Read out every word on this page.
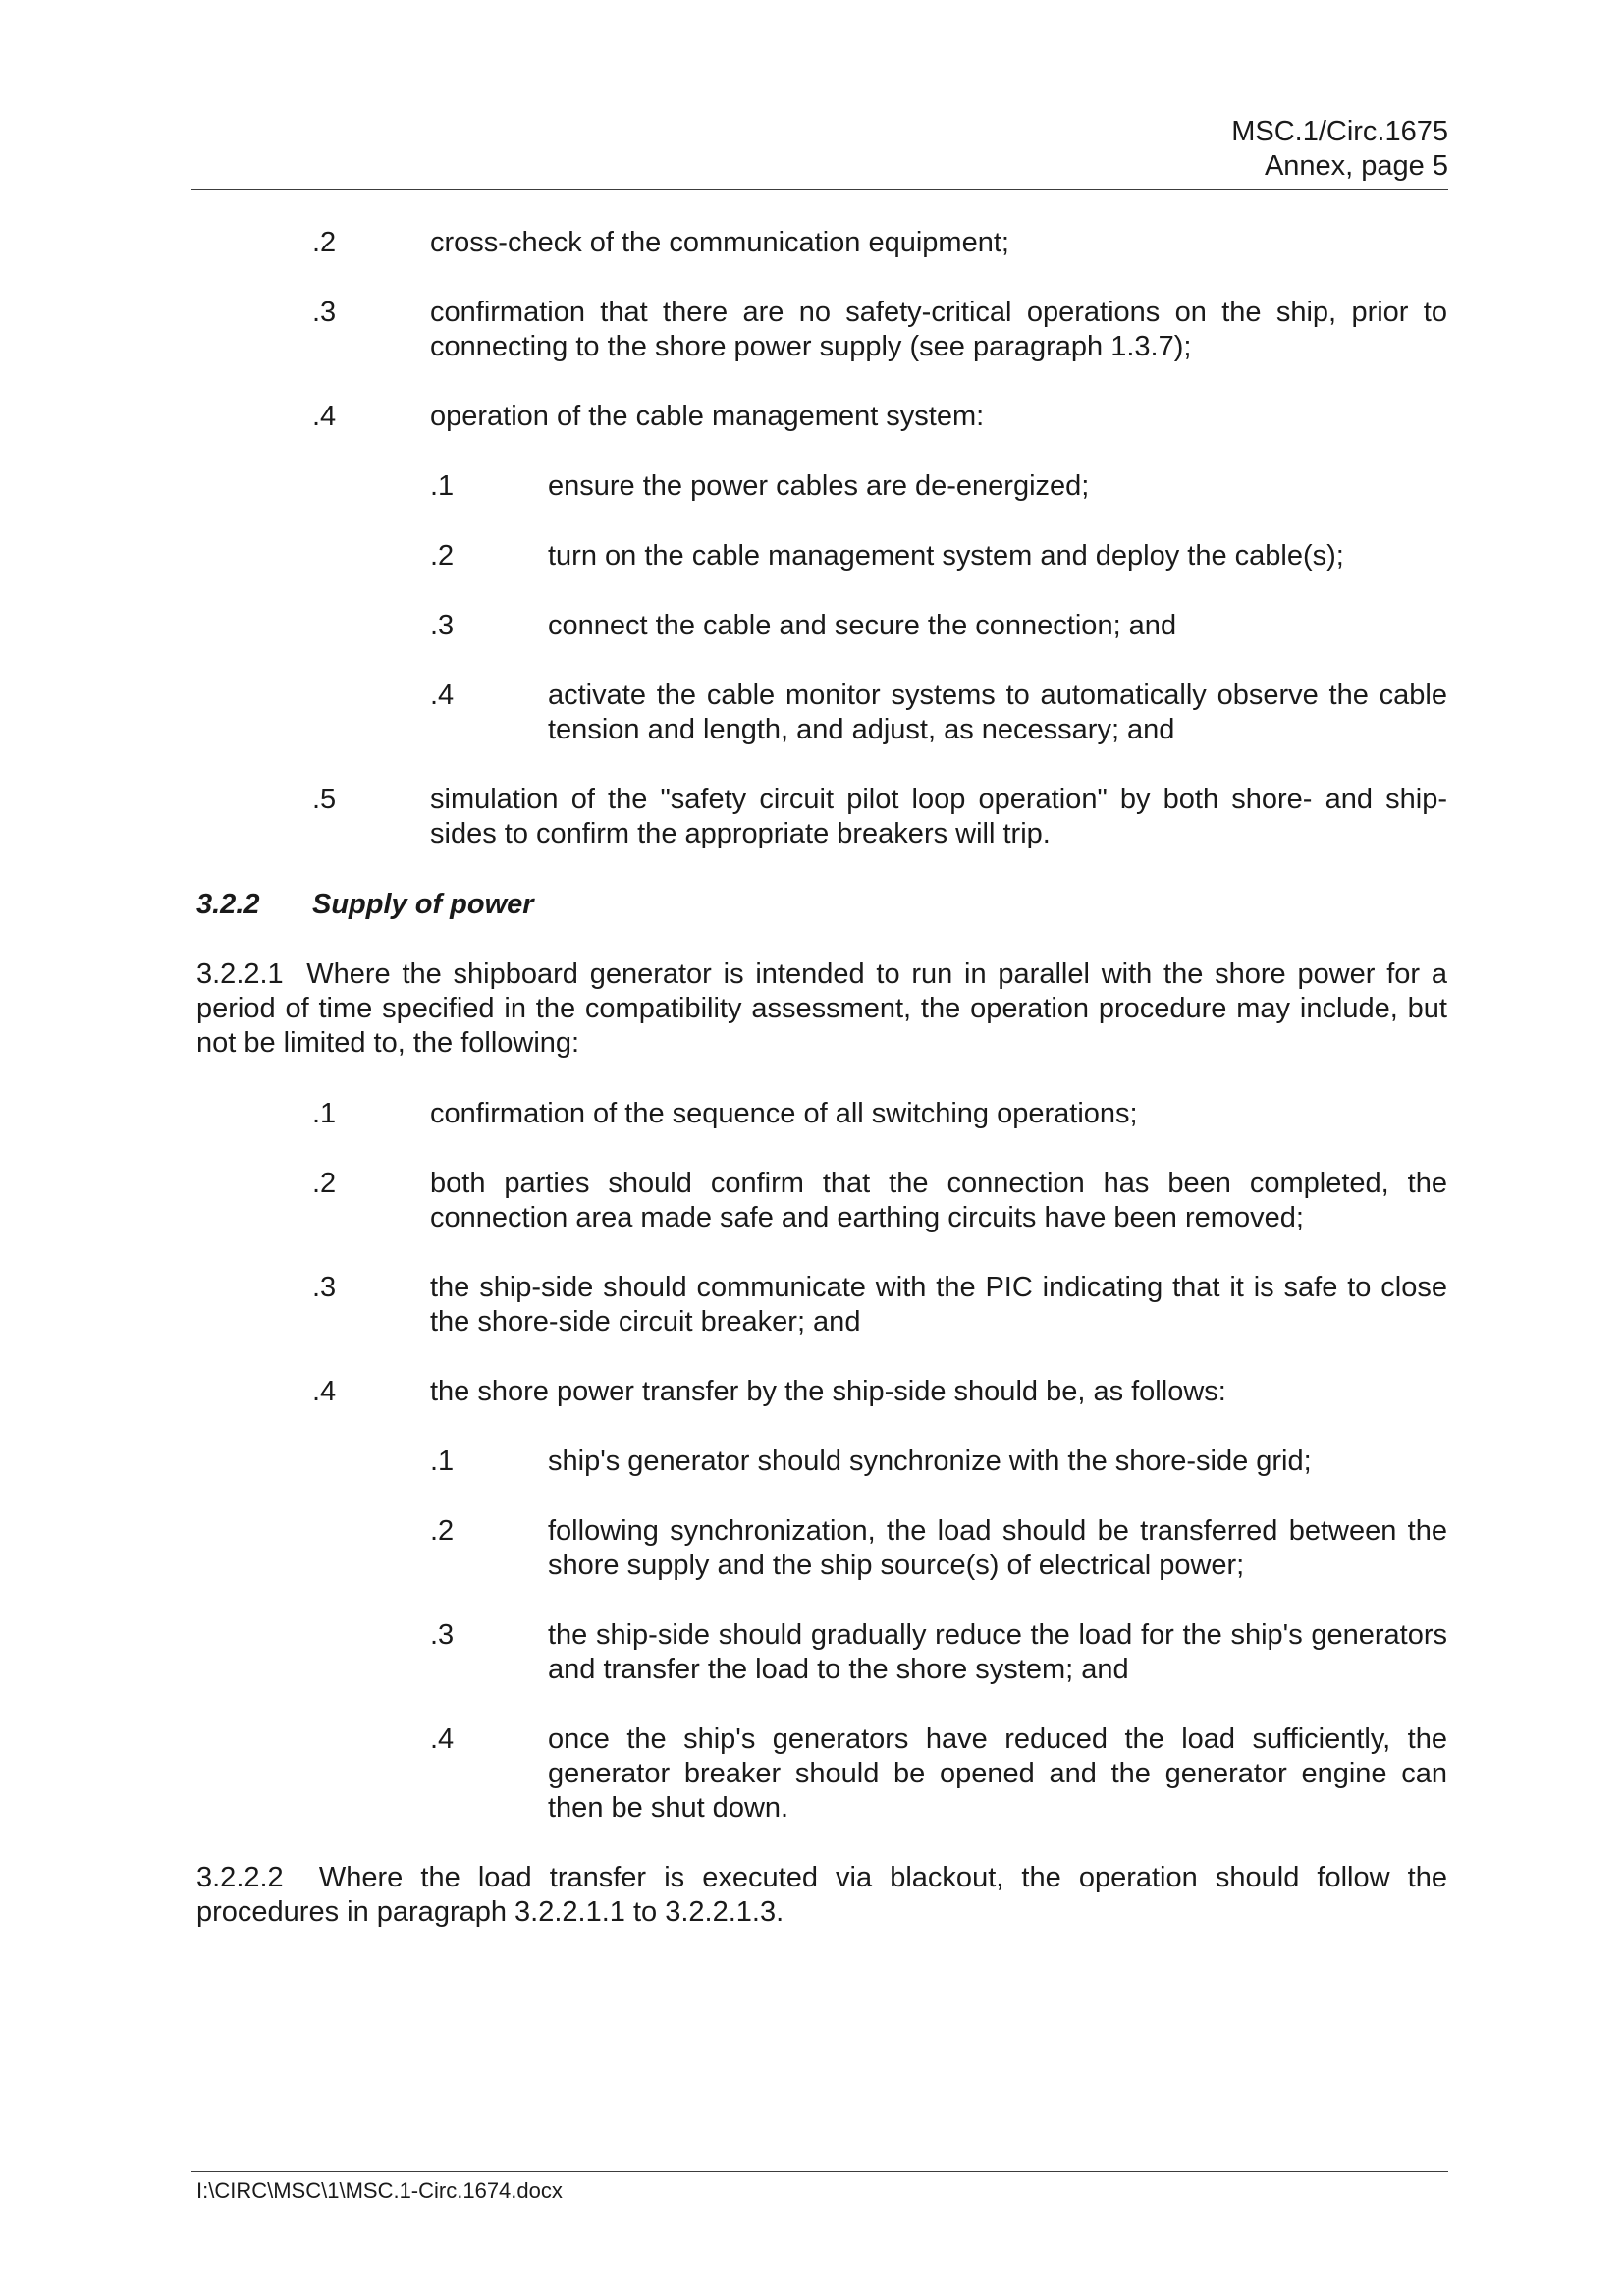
MSC.1/Circ.1675
Annex, page 5
.2	cross-check of the communication equipment;
.3	confirmation that there are no safety-critical operations on the ship, prior to connecting to the shore power supply (see paragraph 1.3.7);
.4	operation of the cable management system:
.1	ensure the power cables are de-energized;
.2	turn on the cable management system and deploy the cable(s);
.3	connect the cable and secure the connection; and
.4	activate the cable monitor systems to automatically observe the cable tension and length, and adjust, as necessary; and
.5	simulation of the "safety circuit pilot loop operation" by both shore- and ship-sides to confirm the appropriate breakers will trip.
3.2.2 Supply of power
3.2.2.1  Where the shipboard generator is intended to run in parallel with the shore power for a period of time specified in the compatibility assessment, the operation procedure may include, but not be limited to, the following:
.1	confirmation of the sequence of all switching operations;
.2	both parties should confirm that the connection has been completed, the connection area made safe and earthing circuits have been removed;
.3	the ship-side should communicate with the PIC indicating that it is safe to close the shore-side circuit breaker; and
.4	the shore power transfer by the ship-side should be, as follows:
.1	ship's generator should synchronize with the shore-side grid;
.2	following synchronization, the load should be transferred between the shore supply and the ship source(s) of electrical power;
.3	the ship-side should gradually reduce the load for the ship's generators and transfer the load to the shore system; and
.4	once the ship's generators have reduced the load sufficiently, the generator breaker should be opened and the generator engine can then be shut down.
3.2.2.2  Where the load transfer is executed via blackout, the operation should follow the procedures in paragraph 3.2.2.1.1 to 3.2.2.1.3.
I:\CIRC\MSC\1\MSC.1-Circ.1674.docx
